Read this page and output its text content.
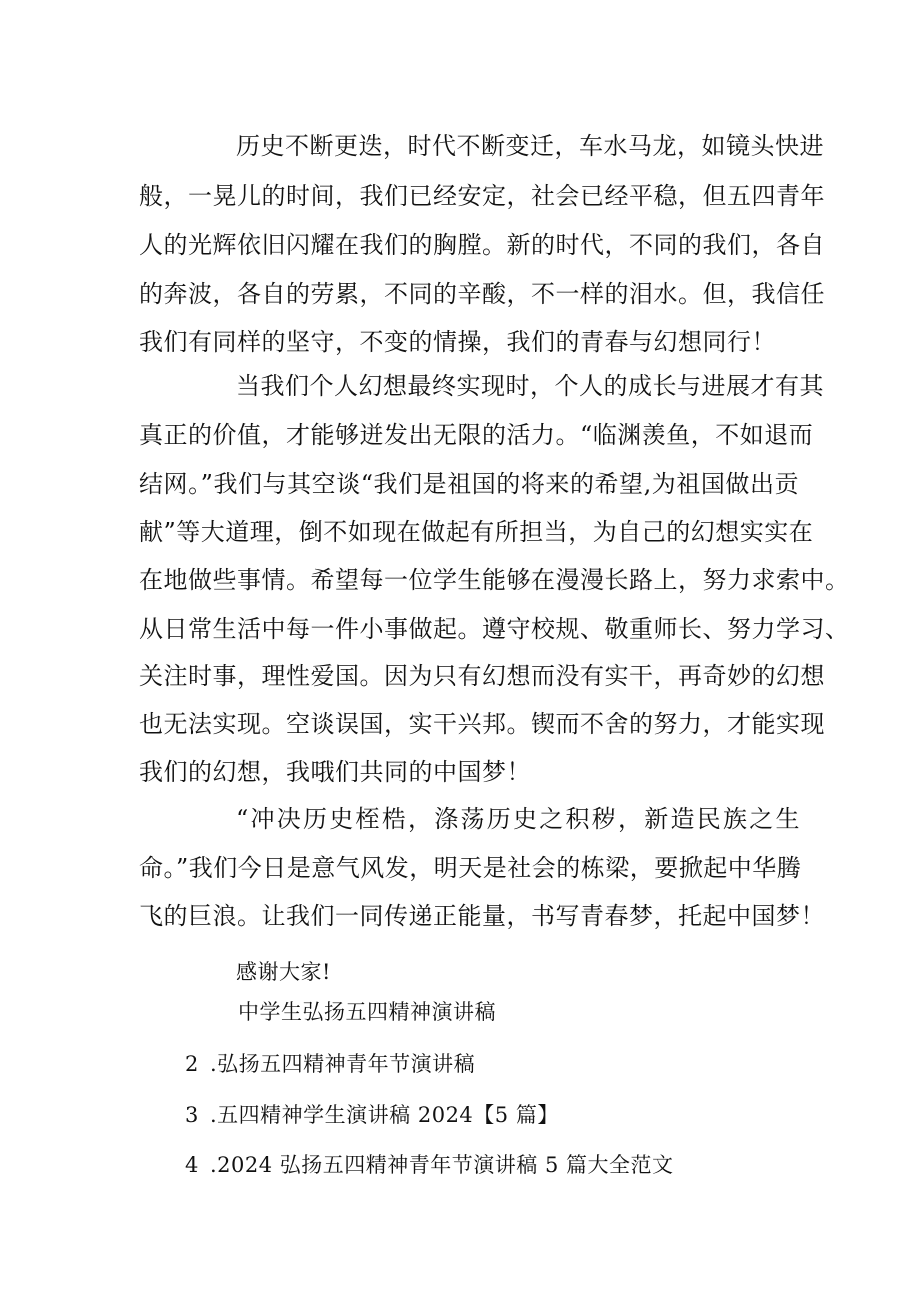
历史不断更迭，时代不断变迁，车水马龙，如镜头快进
般，一晃儿的时间，我们已经安定，社会已经平稳，但五四青年
人的光辉依旧闪耀在我们的胸膛。新的时代，不同的我们，各自
的奔波，各自的劳累，不同的辛酸，不一样的泪水。但，我信任
我们有同样的坚守，不变的情操，我们的青春与幻想同行！
当我们个人幻想最终实现时，个人的成长与进展才有其
真正的价值，才能够迸发出无限的活力。“临渊羡鱼，不如退而
结网。”我们与其空谈“我们是祖国的将来的希望,为祖国做出贡
献”等大道理，倒不如现在做起有所担当，为自己的幻想实实在
在地做些事情。希望每一位学生能够在漫漫长路上，努力求索中。
从日常生活中每一件小事做起。遵守校规、敬重师长、努力学习、
关注时事，理性爱国。因为只有幻想而没有实干，再奇妙的幻想
也无法实现。空谈误国，实干兴邦。锲而不舍的努力，才能实现
我们的幻想，我哦们共同的中国梦！
“冲决历史桎梏，涤荡历史之积秽，新造民族之生
命。”我们今日是意气风发，明天是社会的栋梁，要掀起中华腾
飞的巨浪。让我们一同传递正能量，书写青春梦，托起中国梦！
感谢大家!
中学生弘扬五四精神演讲稿
2 .弘扬五四精神青年节演讲稿
3 .五四精神学生演讲稿 2024【5 篇】
4 .2024 弘扬五四精神青年节演讲稿 5 篇大全范文
